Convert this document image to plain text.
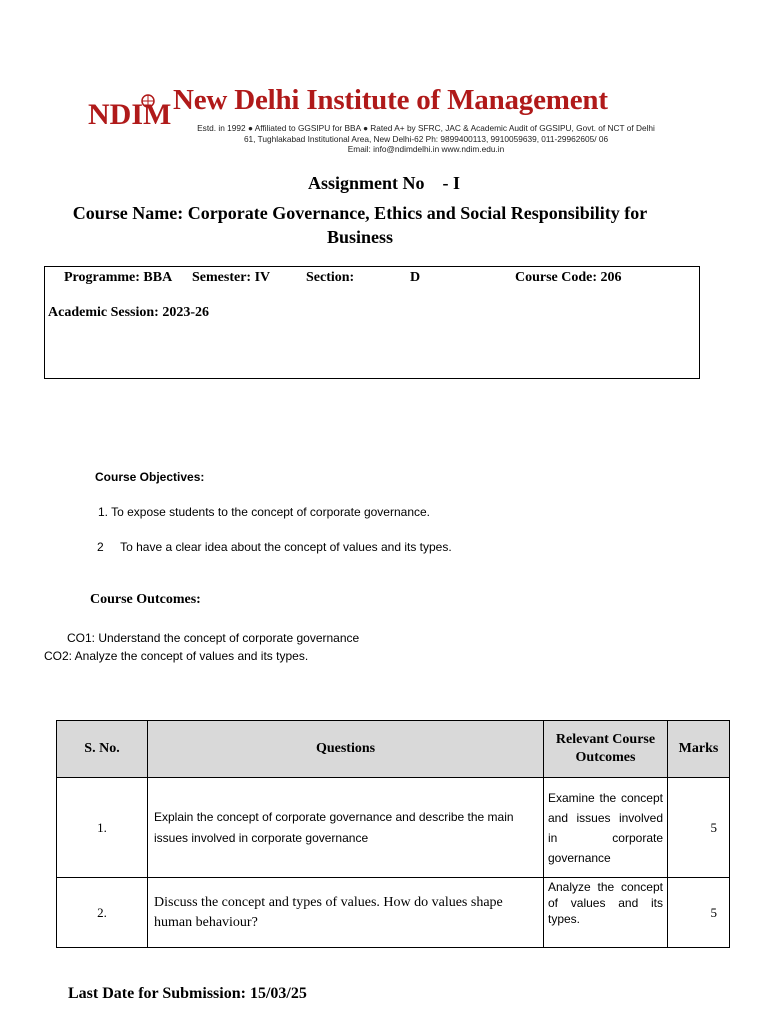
NDIM New Delhi Institute of Management
Estd. in 1992 ● Affiliated to GGSIPU for BBA ● Rated A+ by SFRC, JAC & Academic Audit of GGSIPU, Govt. of NCT of Delhi
61, Tughlakabad Institutional Area, New Delhi-62 Ph: 9899400113, 9910059639, 011-29962605/ 06
Email: info@ndimdelhi.in www.ndim.edu.in
Assignment No    - I
Course Name: Corporate Governance, Ethics and Social Responsibility for Business
Programme: BBA Semester: IV	Section:	D	Course Code: 206
Academic Session: 2023-26
Course Objectives:
1. To expose students to the concept of corporate governance.
2     To have a clear idea about the concept of values and its types.
Course Outcomes:
CO1: Understand the concept of corporate governance
CO2: Analyze the concept of values and its types.
S. No.	Questions	Relevant Course Outcomes	Marks
1.	Explain the concept of corporate governance and describe the main issues involved in corporate governance	Examine the concept and issues involved in corporate governance	5
2.	Discuss the concept and types of values. How do values shape human behaviour?	Analyze the concept of values and its types.	5
Last Date for Submission: 15/03/25
